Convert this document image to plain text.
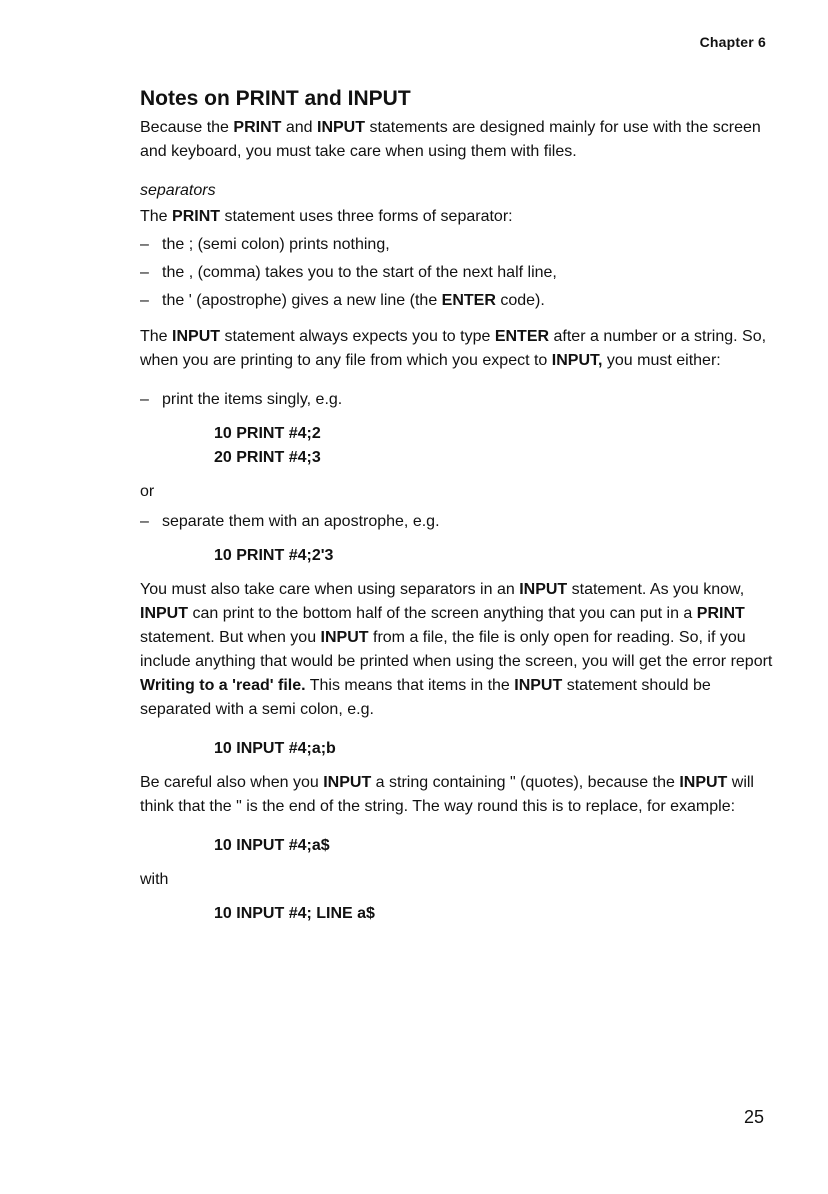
Chapter 6
Notes on PRINT and INPUT

Because the PRINT and INPUT statements are designed mainly for use with the screen and keyboard, you must take care when using them with files.

separators

The PRINT statement uses three forms of separator:

– the ; (semi colon) prints nothing,

– the , (comma) takes you to the start of the next half line,

– the ' (apostrophe) gives a new line (the ENTER code).

The INPUT statement always expects you to type ENTER after a number or a string. So, when you are printing to any file from which you expect to INPUT, you must either:

– print the items singly, e.g.

10 PRINT #4;2
20 PRINT #4;3

or

– separate them with an apostrophe, e.g.

10 PRINT #4;2'3

You must also take care when using separators in an INPUT statement. As you know, INPUT can print to the bottom half of the screen anything that you can put in a PRINT statement. But when you INPUT from a file, the file is only open for reading. So, if you include anything that would be printed when using the screen, you will get the error report Writing to a 'read' file. This means that items in the INPUT statement should be separated with a semi colon, e.g.

10 INPUT #4;a;b

Be careful also when you INPUT a string containing " (quotes), because the INPUT will think that the " is the end of the string. The way round this is to replace, for example:

10 INPUT #4;a$

with

10 INPUT #4; LINE a$
25
